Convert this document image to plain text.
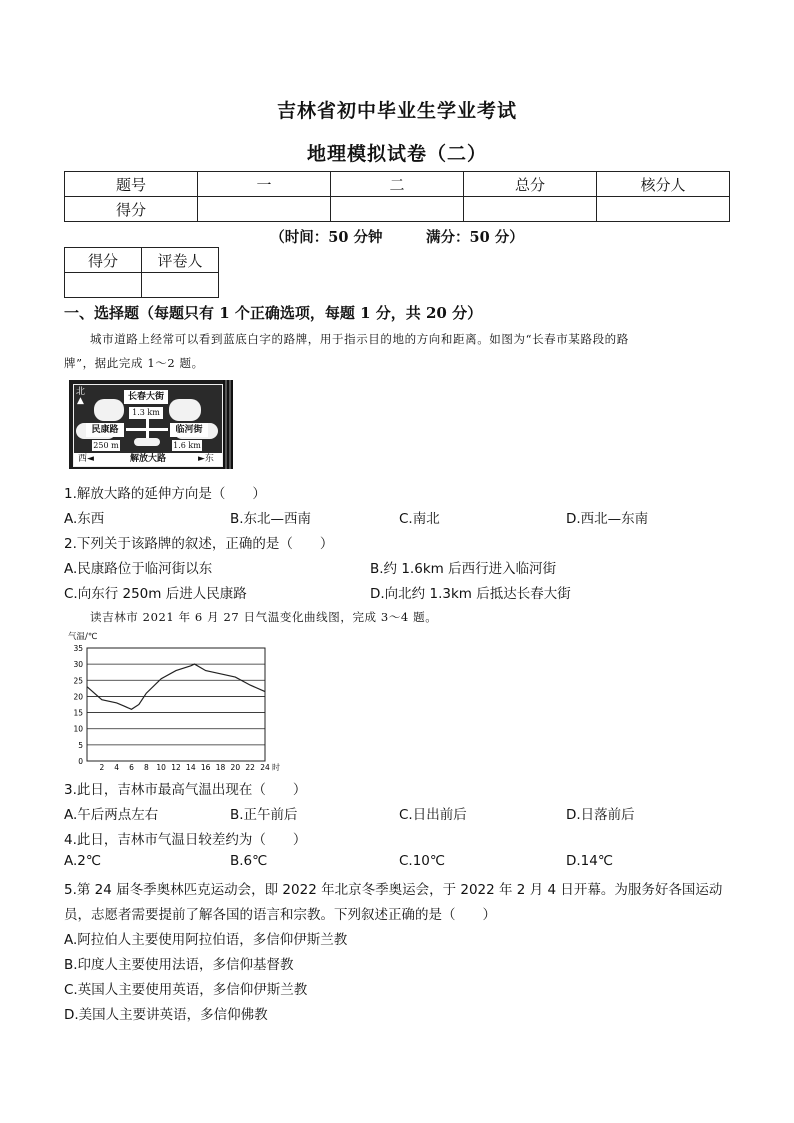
吉林省初中毕业生学业考试
地理模拟试卷（二）
题号	一	二	总分	核分人
得分				
（时间：50 分钟　　　满分：50 分）
得分	评卷人

一、选择题（每题只有 1 个正确选项，每题 1 分，共 20 分）
城市道路上经常可以看到蓝底白字的路牌，用于指示目的地的方向和距离。如图为“长春市某路段的路
牌”，据此完成 1～2 题。
北
▲	长春大街
1.3 km
民康路	临河街
250 m	1.6 km
西◄	解放大路	►东
1.解放大路的延伸方向是（　　）
A.东西	B.东北—西南	C.南北	D.西北—东南
2.下列关于该路牌的叙述，正确的是（　　）
A.民康路位于临河街以东	B.约 1.6km 后西行进入临河街
C.向东行 250m 后进人民康路	D.向北约 1.3km 后抵达长春大街
读吉林市 2021 年 6 月 27 日气温变化曲线图，完成 3～4 题。
气温/℃
0
5
10
15
20
25
30
35
2 4 6 8 10 12 14 16 18 20 22 24 时
3.此日，吉林市最高气温出现在（　　）
A.午后两点左右	B.正午前后	C.日出前后	D.日落前后
4.此日，吉林市气温日较差约为（　　）
A.2℃	B.6℃	C.10℃	D.14℃
5.第 24 届冬季奥林匹克运动会，即 2022 年北京冬季奥运会，于 2022 年 2 月 4 日开幕。为服务好各国运动
员，志愿者需要提前了解各国的语言和宗教。下列叙述正确的是（　　）
A.阿拉伯人主要使用阿拉伯语，多信仰伊斯兰教
B.印度人主要使用法语，多信仰基督教
C.英国人主要使用英语，多信仰伊斯兰教
D.美国人主要讲英语，多信仰佛教
